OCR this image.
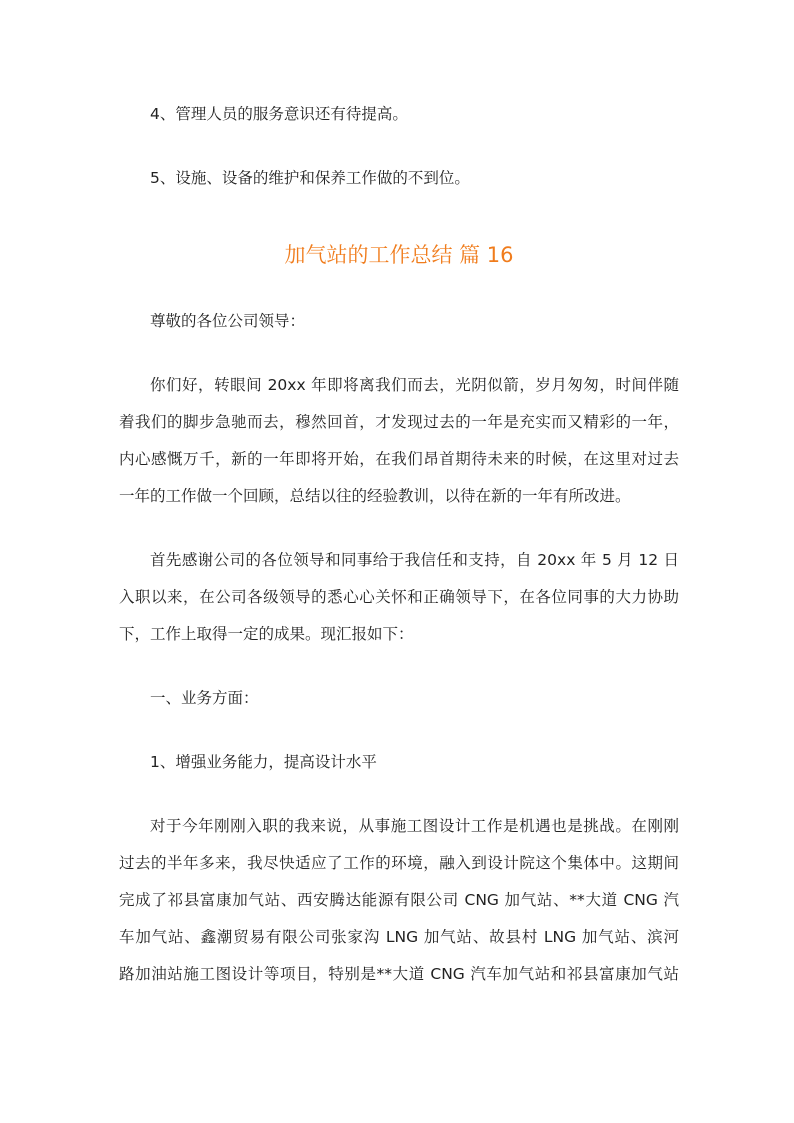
4、管理人员的服务意识还有待提高。

5、设施、设备的维护和保养工作做的不到位。

加气站的工作总结 篇 16

尊敬的各位公司领导：

你们好，转眼间 20xx 年即将离我们而去，光阴似箭，岁月匆匆，时间伴随
着我们的脚步急驰而去，穆然回首，才发现过去的一年是充实而又精彩的一年，
内心感慨万千，新的一年即将开始，在我们昂首期待未来的时候，在这里对过去
一年的工作做一个回顾，总结以往的经验教训，以待在新的一年有所改进。
首先感谢公司的各位领导和同事给于我信任和支持，自 20xx 年 5 月 12 日
入职以来，在公司各级领导的悉心心关怀和正确领导下，在各位同事的大力协助
下，工作上取得一定的成果。现汇报如下：

一、业务方面：

1、增强业务能力，提高设计水平

对于今年刚刚入职的我来说，从事施工图设计工作是机遇也是挑战。在刚刚
过去的半年多来，我尽快适应了工作的环境，融入到设计院这个集体中。这期间
完成了祁县富康加气站、西安腾达能源有限公司 CNG 加气站、**大道 CNG 汽
车加气站、鑫潮贸易有限公司张家沟 LNG 加气站、故县村 LNG 加气站、滨河
路加油站施工图设计等项目，特别是**大道 CNG 汽车加气站和祁县富康加气站
